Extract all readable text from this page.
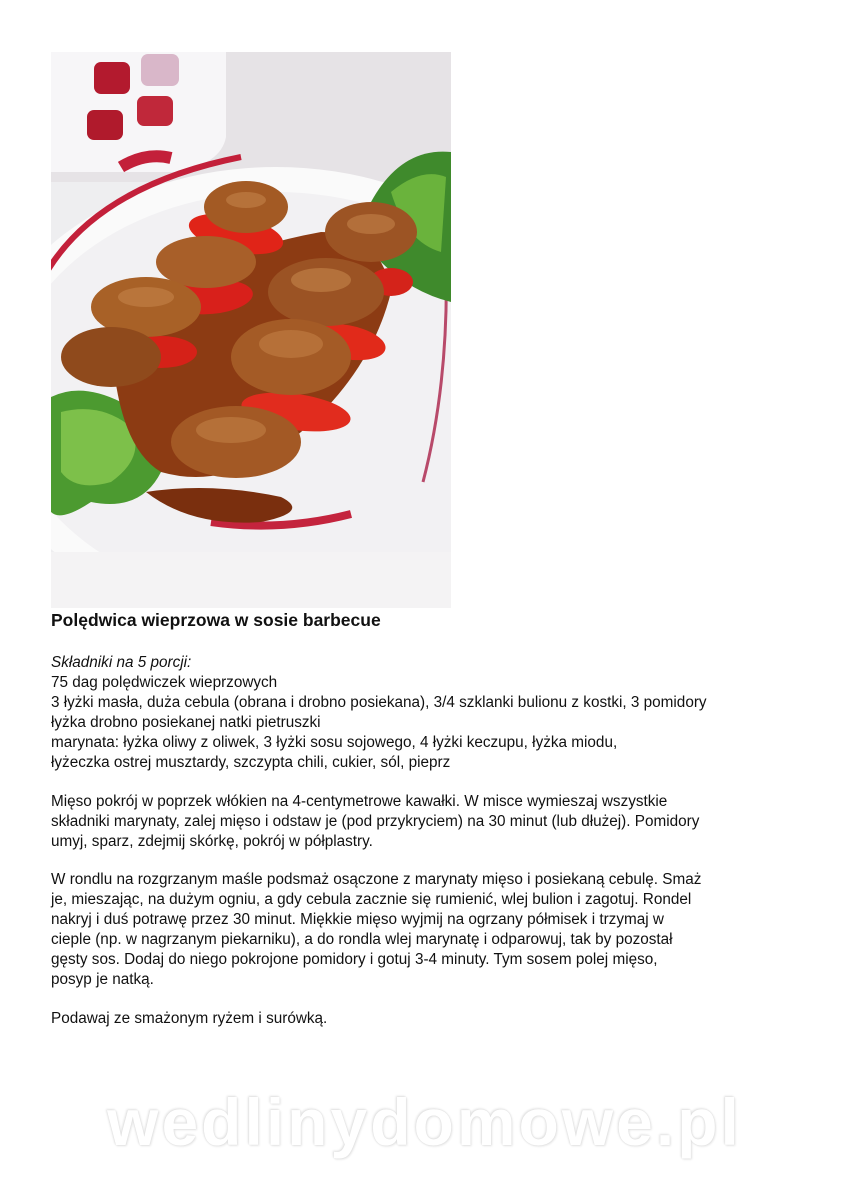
Polędwica wieprzowa w sosie barbecue
Składniki na 5 porcji:
75 dag polędwiczek wieprzowych
3 łyżki masła, duża cebula (obrana i drobno posiekana), 3/4 szklanki bulionu z kostki, 3 pomidory
łyżka drobno posiekanej natki pietruszki
marynata: łyżka oliwy z oliwek, 3 łyżki sosu sojowego, 4 łyżki keczupu, łyżka miodu,
łyżeczka ostrej musztardy, szczypta chili, cukier, sól, pieprz
Mięso pokrój w poprzek włókien na 4-centymetrowe kawałki. W misce wymieszaj wszystkie
składniki marynaty, zalej mięso i odstaw je (pod przykryciem) na 30 minut (lub dłużej). Pomidory
umyj, sparz, zdejmij skórkę, pokrój w półplastry.
W rondlu na rozgrzanym maśle podsmaż osączone z marynaty mięso i posiekaną cebulę. Smaż
je, mieszając, na dużym ogniu, a gdy cebula zacznie się rumienić, wlej bulion i zagotuj. Rondel
nakryj i duś potrawę przez 30 minut. Miękkie mięso wyjmij na ogrzany półmisek i trzymaj w
cieple (np. w nagrzanym piekarniku), a do rondla wlej marynatę i odparowuj, tak by pozostał
gęsty sos. Dodaj do niego pokrojone pomidory i gotuj 3-4 minuty. Tym sosem polej mięso,
posyp je natką.
Podawaj ze smażonym ryżem i surówką.
wedlinydomowe.pl
